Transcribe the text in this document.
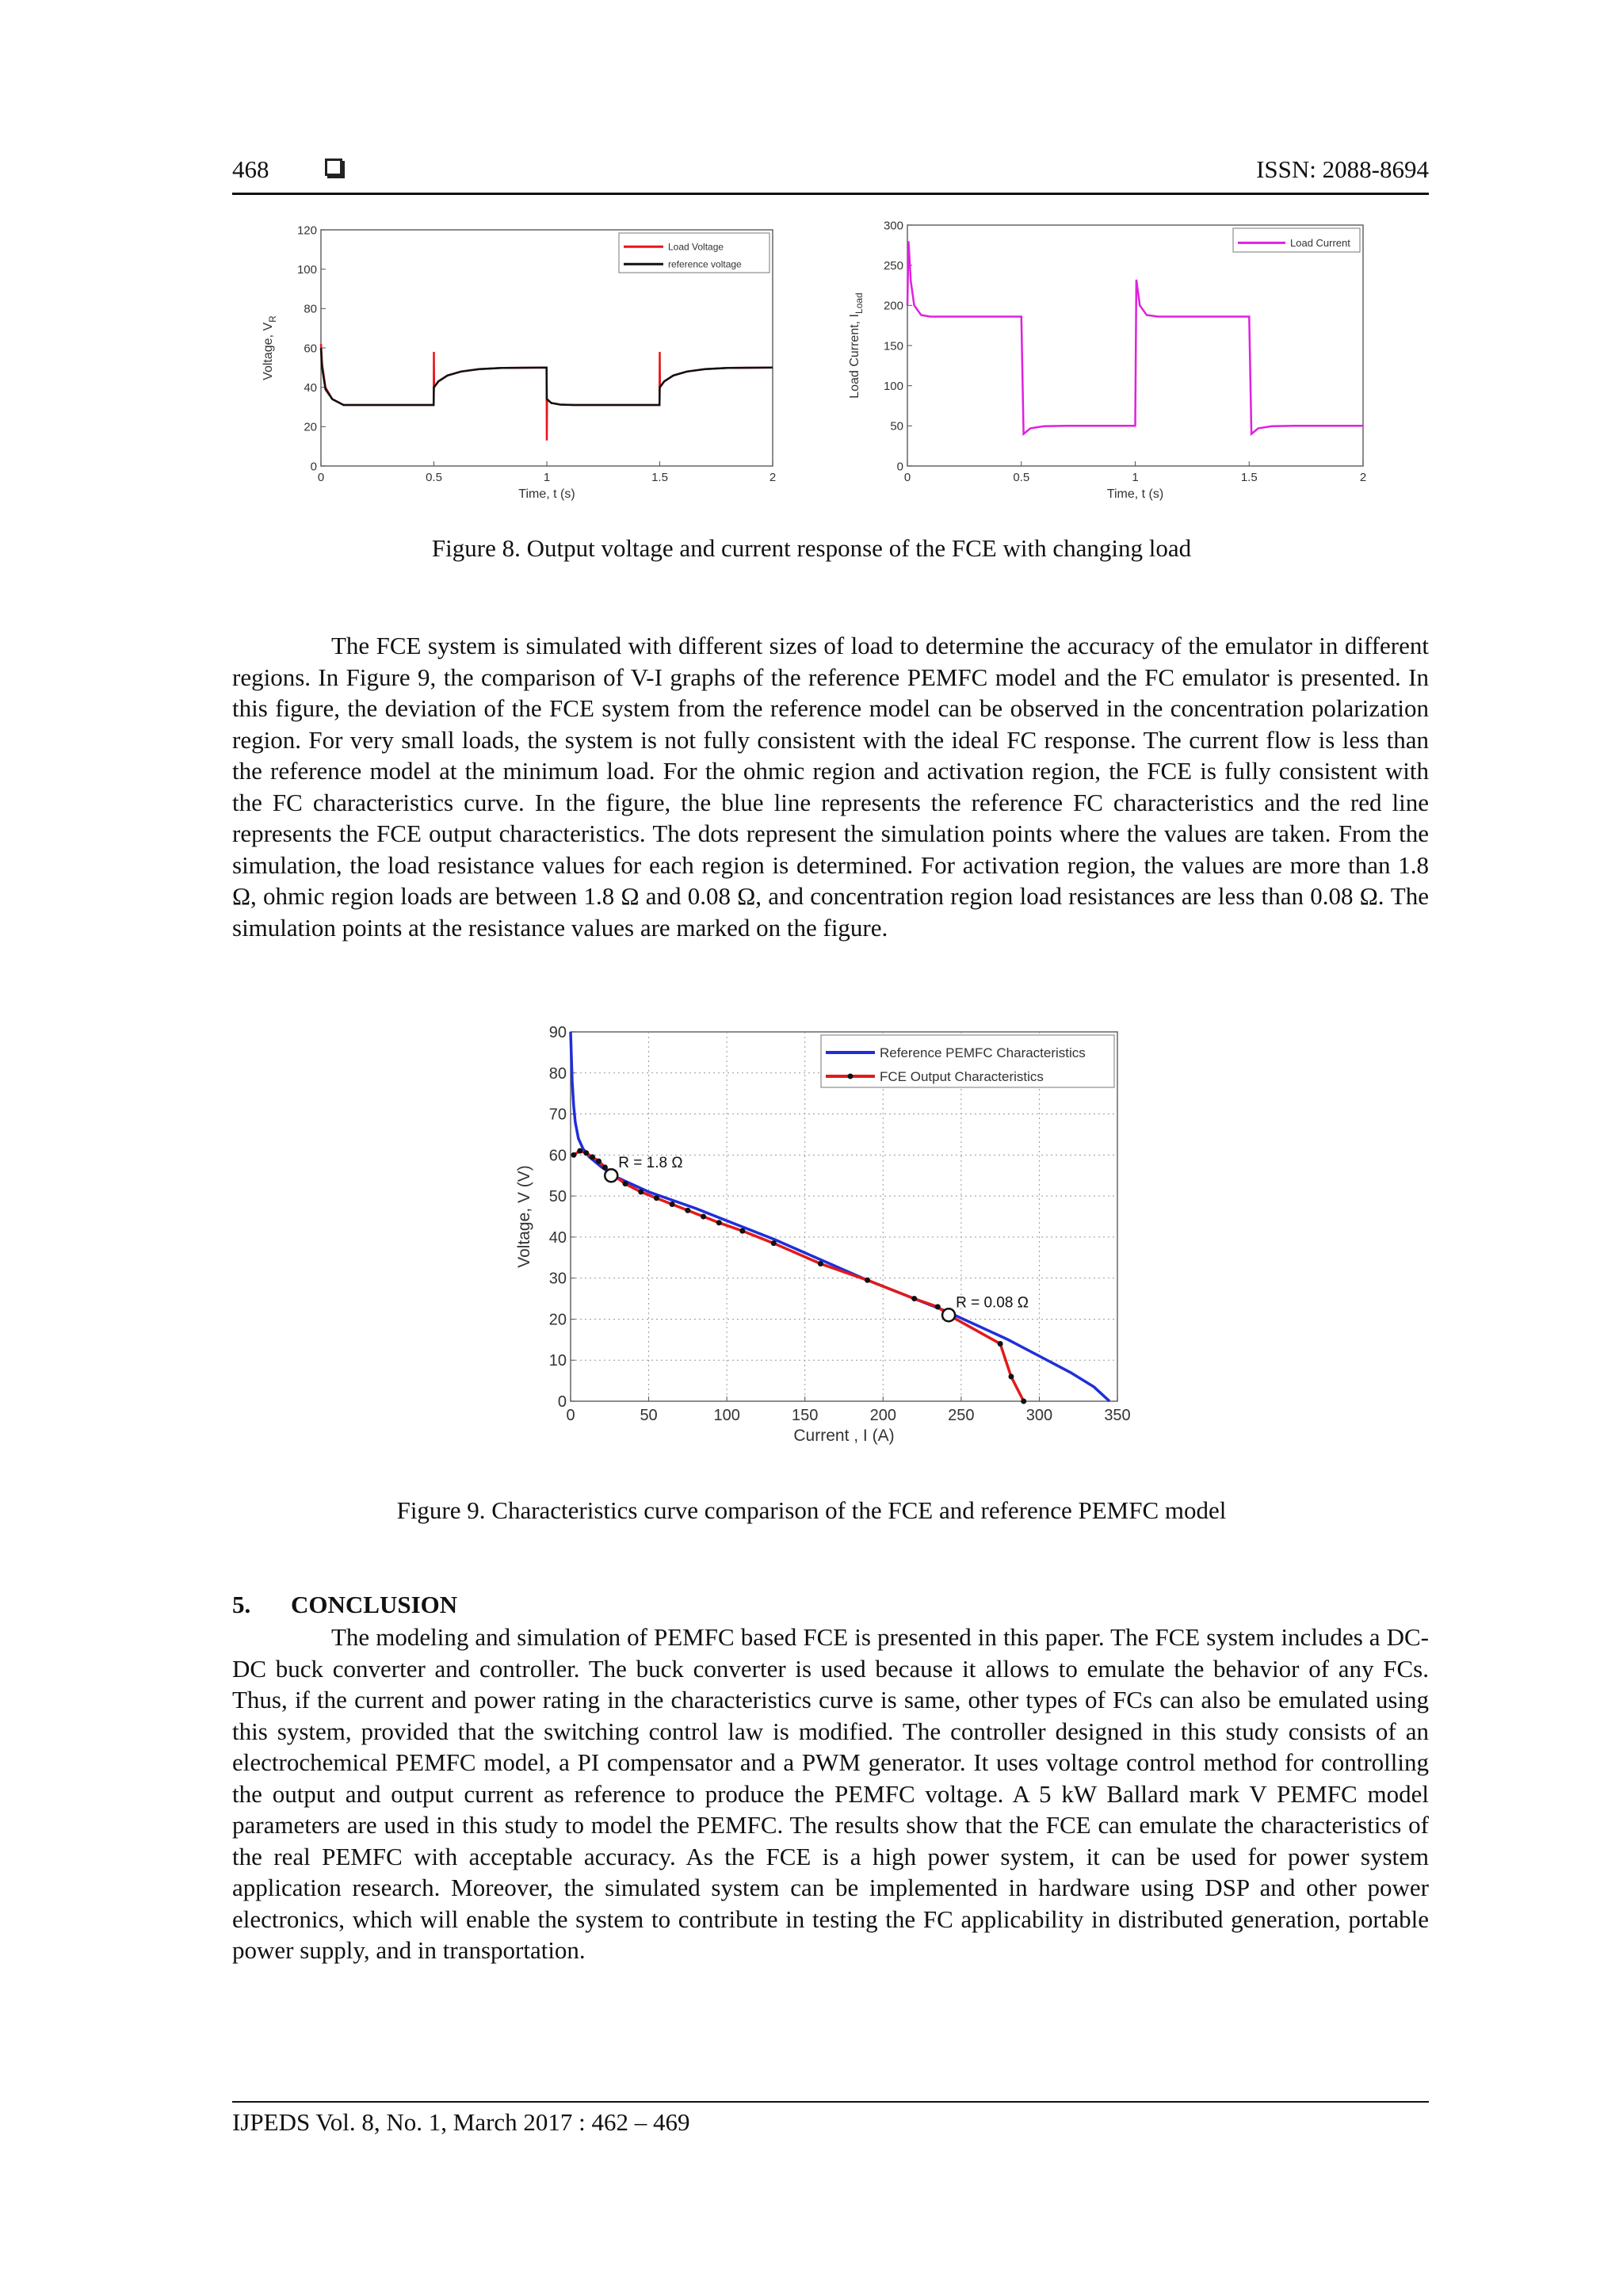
468	ISSN: 2088-8694
0	0.5	1	1.5	2
0
20
40
60
80
100
120
Time, t (s)
Voltage, $V_R$
Load Voltage
reference voltage
0	0.5	1	1.5	2
0
50
100
150
200
250
300
Time, t (s)
Load Current, $I_{Load}$
Load Current
Figure 8. Output voltage and current response of the FCE with changing load

The FCE system is simulated with different sizes of load to determine the accuracy of the emulator in different regions. In Figure 9, the comparison of V-I graphs of the reference PEMFC model and the FC emulator is presented. In this figure, the deviation of the FCE system from the reference model can be observed in the concentration polarization region. For very small loads, the system is not fully consistent with the ideal FC response. The current flow is less than the reference model at the minimum load. For the ohmic region and activation region, the FCE is fully consistent with the FC characteristics curve. In the figure, the blue line represents the reference FC characteristics and the red line represents the FCE output characteristics. The dots represent the simulation points where the values are taken. From the simulation, the load resistance values for each region is determined. For activation region, the values are more than 1.8 Ω, ohmic region loads are between 1.8 Ω and 0.08 Ω, and concentration region load resistances are less than 0.08 Ω. The simulation points at the resistance values are marked on the figure.

0	50	100	150	200	250	300	350
0
10
20
30
40
50
60
70
80
90
Current , I (A)
Voltage, V (V)
Reference PEMFC Characteristics
FCE Output Characteristics
R = 1.8 Ω
R = 0.08 Ω
Figure 9. Characteristics curve comparison of the FCE and reference PEMFC model
5. CONCLUSION

The modeling and simulation of PEMFC based FCE is presented in this paper. The FCE system includes a DC-DC buck converter and controller. The buck converter is used because it allows to emulate the behavior of any FCs. Thus, if the current and power rating in the characteristics curve is same, other types of FCs can also be emulated using this system, provided that the switching control law is modified. The controller designed in this study consists of an electrochemical PEMFC model, a PI compensator and a PWM generator. It uses voltage control method for controlling the output and output current as reference to produce the PEMFC voltage. A 5 kW Ballard mark V PEMFC model parameters are used in this study to model the PEMFC. The results show that the FCE can emulate the characteristics of the real PEMFC with acceptable accuracy. As the FCE is a high power system, it can be used for power system application research. Moreover, the simulated system can be implemented in hardware using DSP and other power electronics, which will enable the system to contribute in testing the FC applicability in distributed generation, portable power supply, and in transportation.

IJPEDS Vol. 8, No. 1, March 2017 : 462 – 469
